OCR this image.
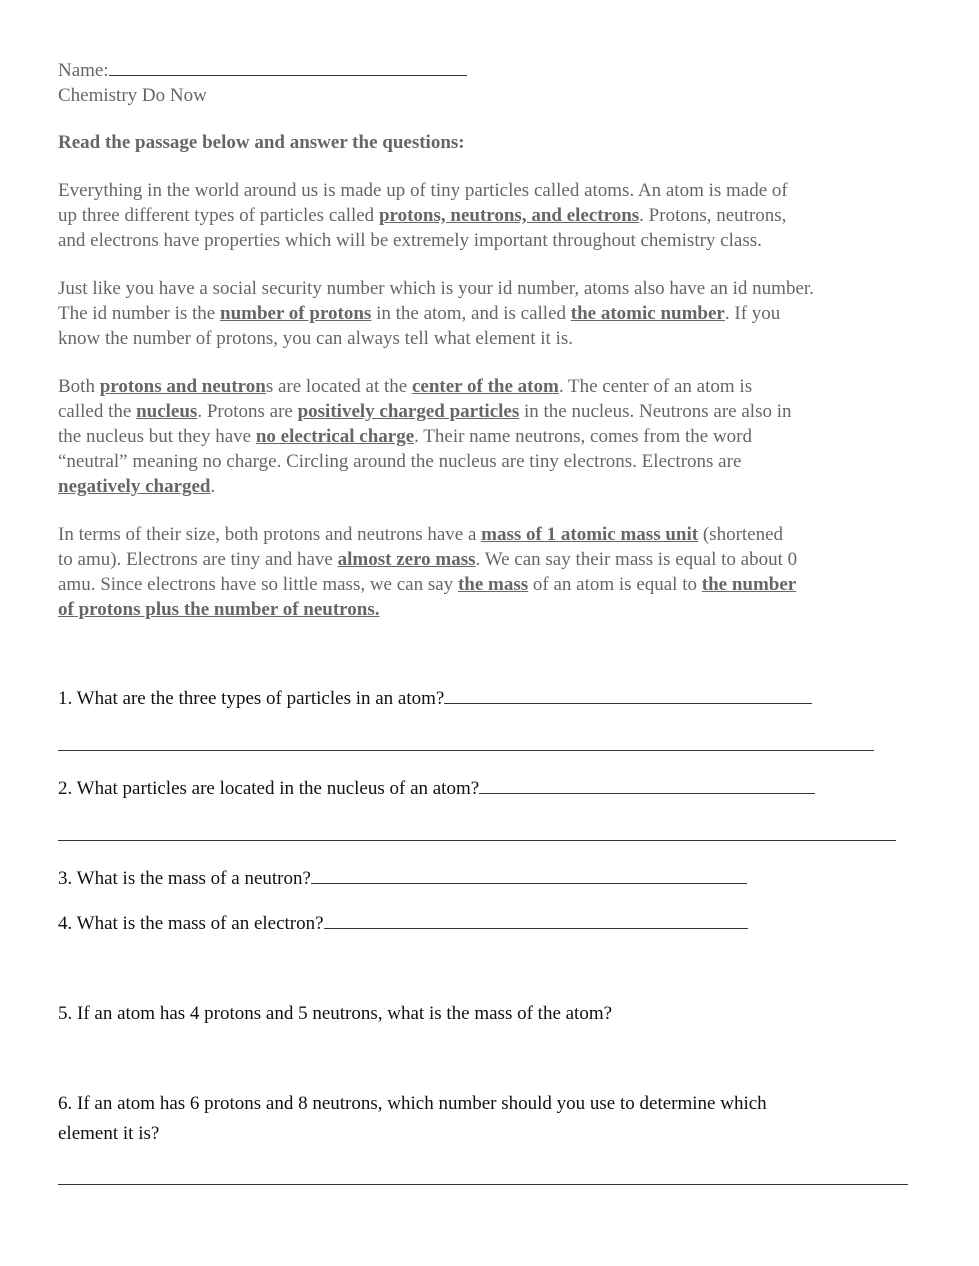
Name:
Chemistry Do Now
Read the passage below and answer the questions:
Everything in the world around us is made up of tiny particles called atoms. An atom is made of
up three different types of particles called protons, neutrons, and electrons. Protons, neutrons,
and electrons have properties which will be extremely important throughout chemistry class.
Just like you have a social security number which is your id number, atoms also have an id number.
The id number is the number of protons in the atom, and is called the atomic number. If you
know the number of protons, you can always tell what element it is.
Both protons and neutrons are located at the center of the atom. The center of an atom is
called the nucleus. Protons are positively charged particles in the nucleus. Neutrons are also in
the nucleus but they have no electrical charge. Their name neutrons, comes from the word
“neutral” meaning no charge. Circling around the nucleus are tiny electrons. Electrons are
negatively charged.
In terms of their size, both protons and neutrons have a mass of 1 atomic mass unit (shortened
to amu). Electrons are tiny and have almost zero mass. We can say their mass is equal to about 0
amu. Since electrons have so little mass, we can say the mass of an atom is equal to the number
of protons plus the number of neutrons.
1. What are the three types of particles in an atom?
2. What particles are located in the nucleus of an atom?
3. What is the mass of a neutron?
4. What is the mass of an electron?
5. If an atom has 4 protons and 5 neutrons, what is the mass of the atom?
6. If an atom has 6 protons and 8 neutrons, which number should you use to determine which
element it is?
